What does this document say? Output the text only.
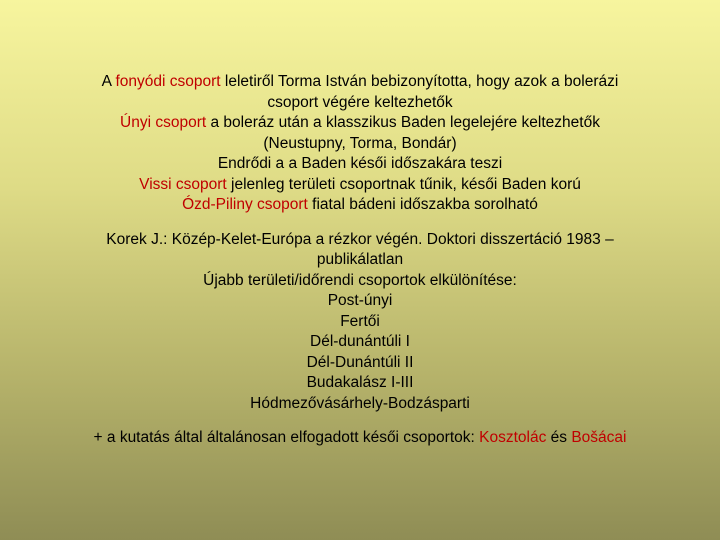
A fonyódi csoport leletiről Torma István bebizonyította, hogy azok a bolerázi
csoport végére keltezhetők
Únyi csoport a boleráz után a klasszikus Baden legelejére keltezhetők
(Neustupny, Torma, Bondár)
Endrődi a a Baden késői időszakára teszi
Vissi csoport jelenleg területi csoportnak tűnik, késői Baden korú
Ózd-Piliny csoport fiatal bádeni időszakba sorolható
Korek J.: Közép-Kelet-Európa a rézkor végén. Doktori disszertáció 1983 –
publikálatlan
Újabb területi/időrendi csoportok elkülönítése:
Post-únyi
Fertői
Dél-dunántúli I
Dél-Dunántúli II
Budakalász I-III
Hódmezővásárhely-Bodzásparti
+ a kutatás által általánosan elfogadott késői csoportok: Kosztolác és Bošácai
